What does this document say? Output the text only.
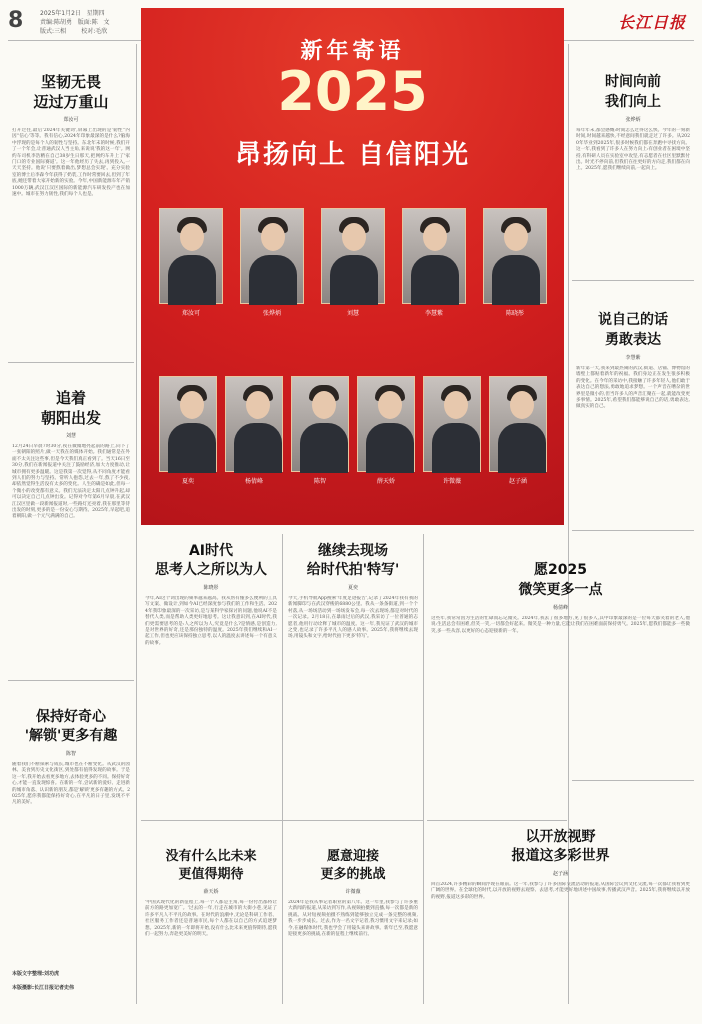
8	2025年1月2日   星期四
责编:陈胡勇   版面:陈   文
版式:三相        校对:毛欣	长江日报
新年寄语
2025
昂扬向上 自信阳光
郑汝可	张烨炳	刘慧	李慧紫	陈晓彤
夏奕	杨倩峰	陈智	薛天娇	许微薇	赵子涵
坚韧无畏
迈过万重山
郑汝可
打开过往,最后'2024年关键词',屏幕上出现的是'韧性''内因''信心'等等。我有信心,2024年印象最深的是什么?脑海中浮现的是每个人的韧性与坚持。东北年末的时候,我们开了一个年会,让普通武汉人当主角,来说说'我的这一年'。网约车司机李浩精在自己38岁生日那天,把网约车升上了'家门口的专业国际赛道'。这一年他经历了失去,再到投入,一天天坚持。他说'只要熬着做出,梦想总会实现'。充分实验室的博士后李森今年获得了奶装,工作时常要回去,但到了年底,她还带着大家开始新的实验。今年,中国新能源车年产销1000万辆,武汉江汉区国际的新能源汽车研发投产也在加速中。城市在努力韧性,我们每个人也是。
追着
朝阳出发
刘慧
12月24日早晨7时30分,夜在微微地亮起前的路上,向下了一张朝阳的照片,做一天我在的媒体开始。我们通常是在外面不太关注这些事,但是今天我们真正看到了。当天16日至30分,我们在新闻报道中关注了鼓励经济,加大力度推动,让城市拥有更多温暖。这是我第一次觉得,从不同角度才能看到人们的努力与坚持。常听人抱怨,过去一年,熬了不少夜,却依然觉得生活没有太多的变化。人生的确是如此,但每一个微小的改变都有意义。我们无法决定太阳几点钟升起,却可以决定自己几点钟出发。记得对今年第6月早晨,在武汉江汉区里做一段新闻报道时,一些路灯还亮着,我在那里等待出发的时刻,更多的是一份安心与期待。2025年,早起吧,追着朝阳,做一个元气满满的自己。
保持好奇心
'解锁'更多有趣
陈智
随着我们不断探索与成长,城市也在不断变化。从武汉的园林、美食到历史文化街区,到处都有值得发现的故事。于是这一年,我开始去看更多地方,去体验更多的不同。保持好奇心,才能一直发现惊喜。在新的一年,尝试新的爱好、走进新的城市角落、认识新的朋友,都是'解锁'更多有趣的方式。2025年,愿你我都能保持好奇心,在平凡的日子里,发现不平凡的美好。
本版文字整理:刘功虎
本版摄影:长江日报记者史伟
AI时代
思考人之所以为人
陈晓彤
今年,AI这个词出现的频率越来越高。我从帮有懂多么便利的工具写文案、做设计,到如今AI已经深度参与我们的工作和生活。2024年我印象最深的一次采访,是与某科学家探讨的问题,他说AI不是替代人类,而是帮助人类更好地思考。这让我意识到,在AI时代,我们更需要思考的是:人之所以为人,究竟是什么?是情感,是创造力,是对世界的好奇,还是那份独特的温度。2025年我们继续和AI一起工作,但也更应该保持独立思考,以人的温度去讲述每一个有意义的故事。
没有什么比未来
更值得期待
薛天娇
'中国式现代化的新征程上,每一个人都是主角,每一份付出都将让前方的路更加宽广。'过去的一年,行走在城市的大街小巷,见证了许多平凡人不平凡的故事。在时代的浪潮中,无论是科研工作者、社区服务工作者还是普通市民,每个人都在以自己的方式追逐梦想。2025年,新的一年即将开始,没有什么比未来更值得期待,愿我们一起努力,奔赴更美好的明天。
继续去现场
给时代拍'特写'
夏奕
今天,手机导航App搜索'年度足迹报告',记录了2024年我有我的新闻脚印与在武汉穿梭的6880公里。我从一条条街道,到一个个村落,从一场场活动到一场场发布会,每一次去现场,都是对时代的一次记录。2月18日,在暴雨过后的武汉,我采访了一位普通的志愿者,他用行动诠释了城市的温度。这一年,我见证了武汉的城市之变,也记录了许多平凡人的感人故事。2025年,我将继续去现场,用镜头和文字,给时代拍下更多'特写'。
愿意迎接
更多的挑战
许微薇
2024年是我从事记者职业的第八年。这一年里,我参与了许多重大新闻的报道,从采访到写作,从视频拍摄到直播,每一次都是新的挑战。从对短视频拍摄不熟练到能够独立完成一条完整的视频,我一步步成长。过去,作为一名文字记者,我习惯用文字来记录;如今,在融媒体时代,我也学会了用镜头来讲故事。新年已至,我愿意迎接更多的挑战,在新的征程上继续前行。
时间向前
我们向上
张烨炳
每年年末,都会感慨:时间怎么过得这么快。今年的一刻新时间,时间越来越快,不经意间我们就走过了许多。从2020年毕业到2025年,很多时候我们都在奔跑中寻找方向。这一年,我看到了许多人在努力向上:有创业者在困境中坚持,有科研人员在实验室中攻坚,有志愿者在社区里默默付出。时光不停向前,但我们在往更好的方向走,我们都在向上。2025年,愿我们继续向前,一起向上。
说自己的话
勇敢表达
李慧紫
新年第一天,我来到最热闹的武汉,街道、店铺、博物馆的墙壁上都贴着新年的祝福。我们身边正在发生很多积极的变化。在今年的采访中,我接触了许多年轻人,他们敢于表达自己的想法,勇敢地追求梦想。一个声音在嘈杂的世界里是微小的,但当许多人的声音汇聚在一起,就能改变更多事情。2025年,希望我们都能够说自己的话,勇敢表达,做真实的自己。
愿2025
微笑更多一点
杨倩峰
这些年,我常常因为生活的忙碌而忘记微笑。2024年,我去了很多地方,见了很多人,其中印象最深的是一位每天都笑着的老人,他说:生活总会有困难,但笑一笑,一切都会好起来。微笑是一种力量,它能让我们在困难面前保持勇气。2025年,愿我们都能多一些微笑,多一些从容,以更好的心态迎接新的一年。
以开放视野
报道这多彩世界
赵子涵
回首2024,许多精彩的瞬间浮现在眼前。这一年,我参与了许多国际交流活动的报道,从国际会议到文化交流,每一次都让我看到更广阔的世界。在全球化的时代,以开放的视野去观察、去思考,才能更好地讲述中国故事,传播武汉声音。2025年,我将继续以开放的视野,报道这多彩的世界。
